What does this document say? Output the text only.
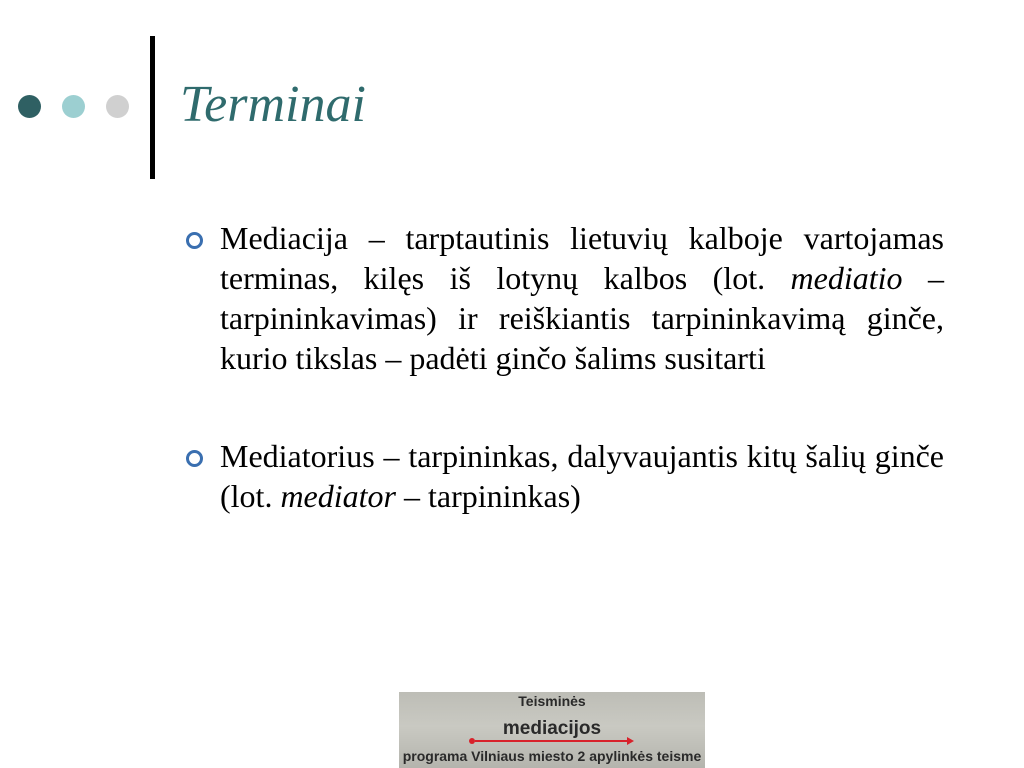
Terminai
Mediacija – tarptautinis lietuvių kalboje vartojamas terminas, kilęs iš lotynų kalbos (lot. mediatio – tarpininkavimas) ir reiškiantis tarpininkavimą ginče, kurio tikslas – padėti ginčo šalims susitarti
Mediatorius – tarpininkas, dalyvaujantis kitų šalių ginče (lot. mediator – tarpininkas)
Teisminės
mediacijos
programa Vilniaus miesto 2 apylinkės teisme
